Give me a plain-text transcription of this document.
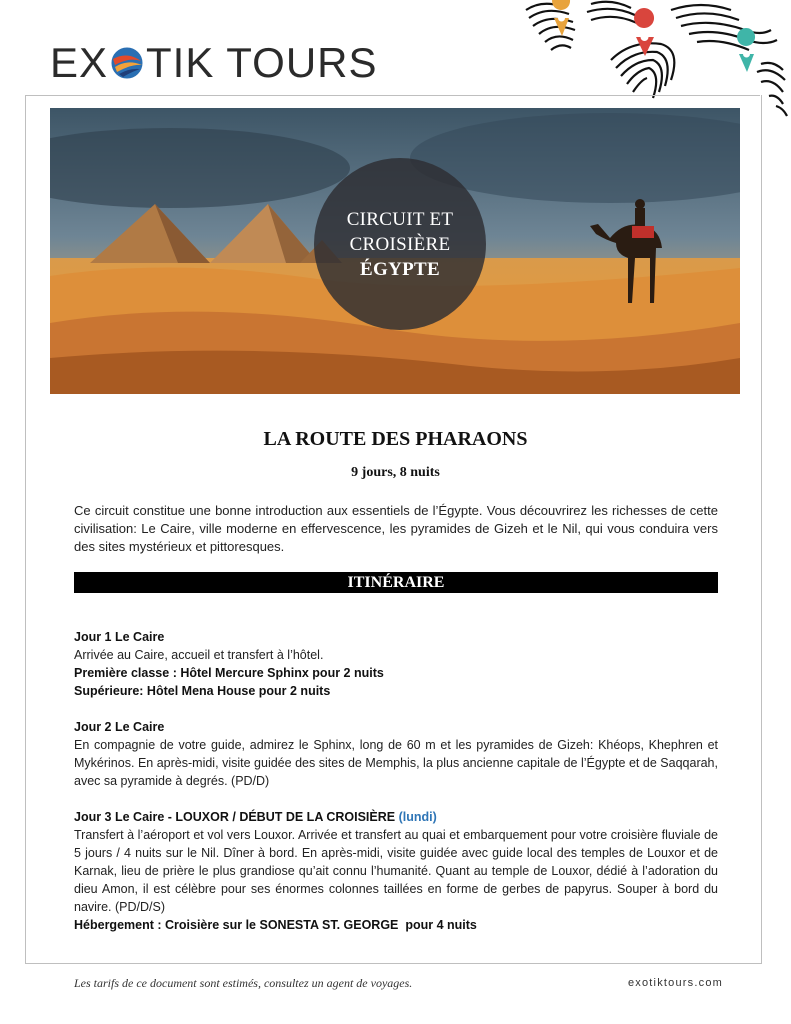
EX TIK TOURS
CIRCUIT ET
CROISIÈRE
ÉGYPTE
LA ROUTE DES PHARAONS
9 jours, 8 nuits
Ce circuit constitue une bonne introduction aux essentiels de l’Égypte. Vous découvrirez les richesses de cette civilisation: Le Caire, ville moderne en effervescence, les pyramides de Gizeh et le Nil, qui vous conduira vers des sites mystérieux et pittoresques.
ITINÉRAIRE

Jour 1 Le Caire

Arrivée au Caire, accueil et transfert à l’hôtel.

Première classe : Hôtel Mercure Sphinx pour 2 nuits

Supérieure: Hôtel Mena House pour 2 nuits

Jour 2 Le Caire

En compagnie de votre guide, admirez le Sphinx, long de 60 m et les pyramides de Gizeh: Khéops, Khephren et Mykérinos. En après-midi, visite guidée des sites de Memphis, la plus ancienne capitale de l’Égypte et de Saqqarah, avec sa pyramide à degrés. (PD/D)

Jour 3 Le Caire - LOUXOR / DÉBUT DE LA CROISIÈRE (lundi)

Transfert à l’aéroport et vol vers Louxor. Arrivée et transfert au quai et embarquement pour votre croisière fluviale de 5 jours / 4 nuits sur le Nil. Dîner à bord. En après-midi, visite guidée avec guide local des temples de Louxor et de Karnak, lieu de prière le plus grandiose qu’ait connu l’humanité. Quant au temple de Louxor, dédié à l’adoration du dieu Amon, il est célèbre pour ses énormes colonnes taillées en forme de gerbes de papyrus. Souper à bord du navire. (PD/D/S)

Hébergement : Croisière sur le SONESTA ST. GEORGE  pour 4 nuits

Les tarifs de ce document sont estimés, consultez un agent de voyages.	exotiktours.com
